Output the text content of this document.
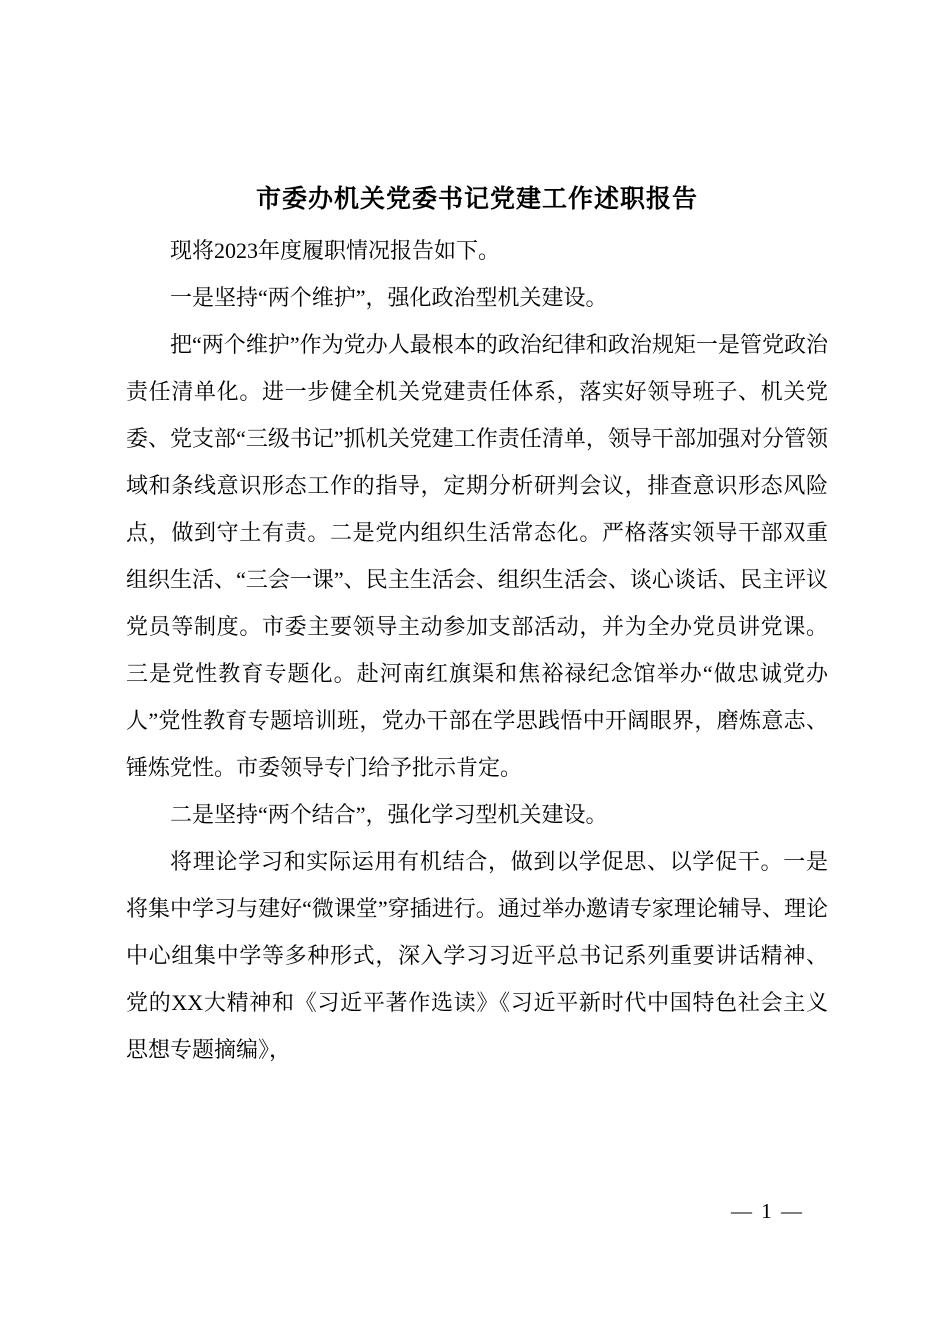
市委办机关党委书记党建工作述职报告

现将2023年度履职情况报告如下。

一是坚持“两个维护”，强化政治型机关建设。

把“两个维护”作为党办人最根本的政治纪律和政治规矩一是管党政治责任清单化。进一步健全机关党建责任体系，落实好领导班子、机关党委、党支部“三级书记”抓机关党建工作责任清单，领导干部加强对分管领域和条线意识形态工作的指导，定期分析研判会议，排查意识形态风险点，做到守土有责。二是党内组织生活常态化。严格落实领导干部双重组织生活、“三会一课”、民主生活会、组织生活会、谈心谈话、民主评议党员等制度。市委主要领导主动参加支部活动，并为全办党员讲党课。三是党性教育专题化。赴河南红旗渠和焦裕禄纪念馆举办“做忠诚党办人”党性教育专题培训班，党办干部在学思践悟中开阔眼界，磨炼意志、锤炼党性。市委领导专门给予批示肯定。

二是坚持“两个结合”，强化学习型机关建设。

将理论学习和实际运用有机结合，做到以学促思、以学促干。一是将集中学习与建好“微课堂”穿插进行。通过举办邀请专家理论辅导、理论中心组集中学等多种形式，深入学习习近平总书记系列重要讲话精神、党的XX大精神和《习近平著作选读》《习近平新时代中国特色社会主义思想专题摘编》，

— 1 —
